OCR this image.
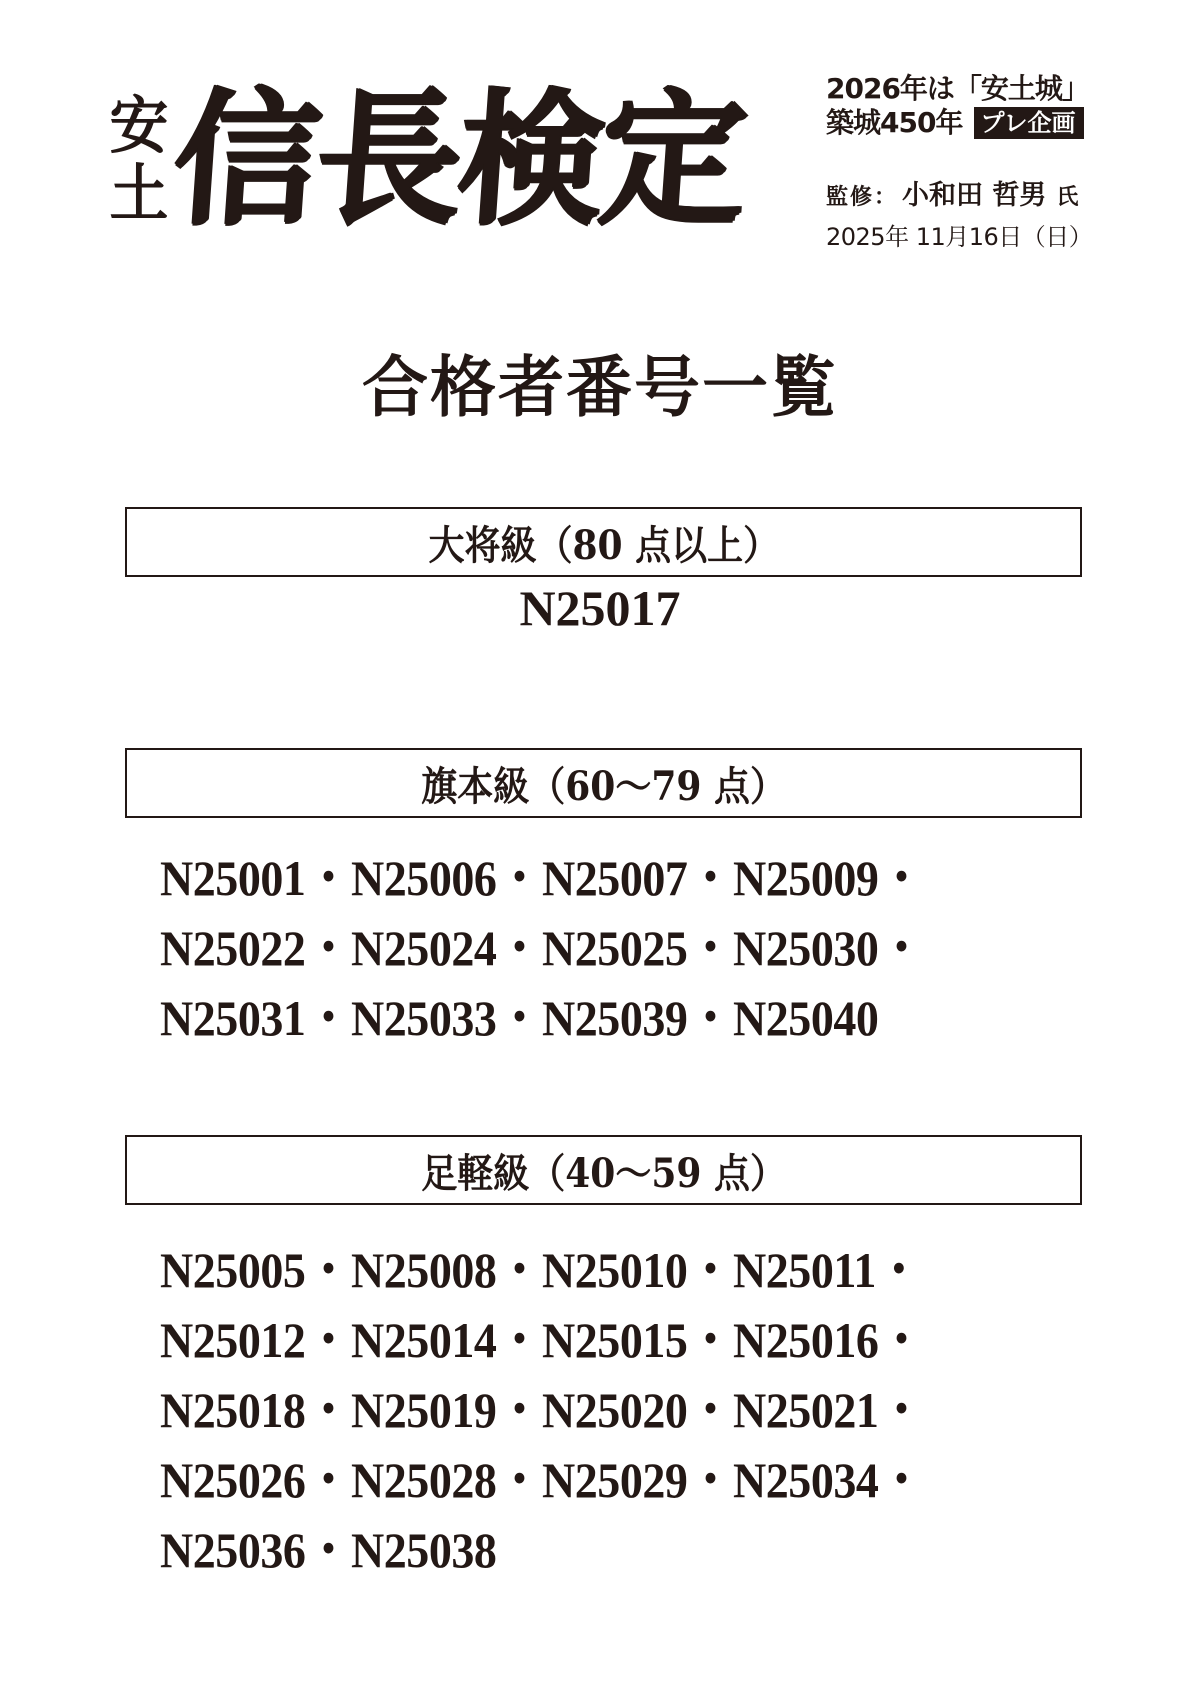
安
土 信長検定	2026年は「安土城」
築城450年 プレ企画
監修： 小和田 哲男 氏
2025年 11月16日（日）
合格者番号一覧
大将級（80 点以上）
N25017
旗本級（60〜79 点）
N25001・N25006・N25007・N25009・
N25022・N25024・N25025・N25030・
N25031・N25033・N25039・N25040
足軽級（40〜59 点）
N25005・N25008・N25010・N25011・
N25012・N25014・N25015・N25016・
N25018・N25019・N25020・N25021・
N25026・N25028・N25029・N25034・
N25036・N25038
